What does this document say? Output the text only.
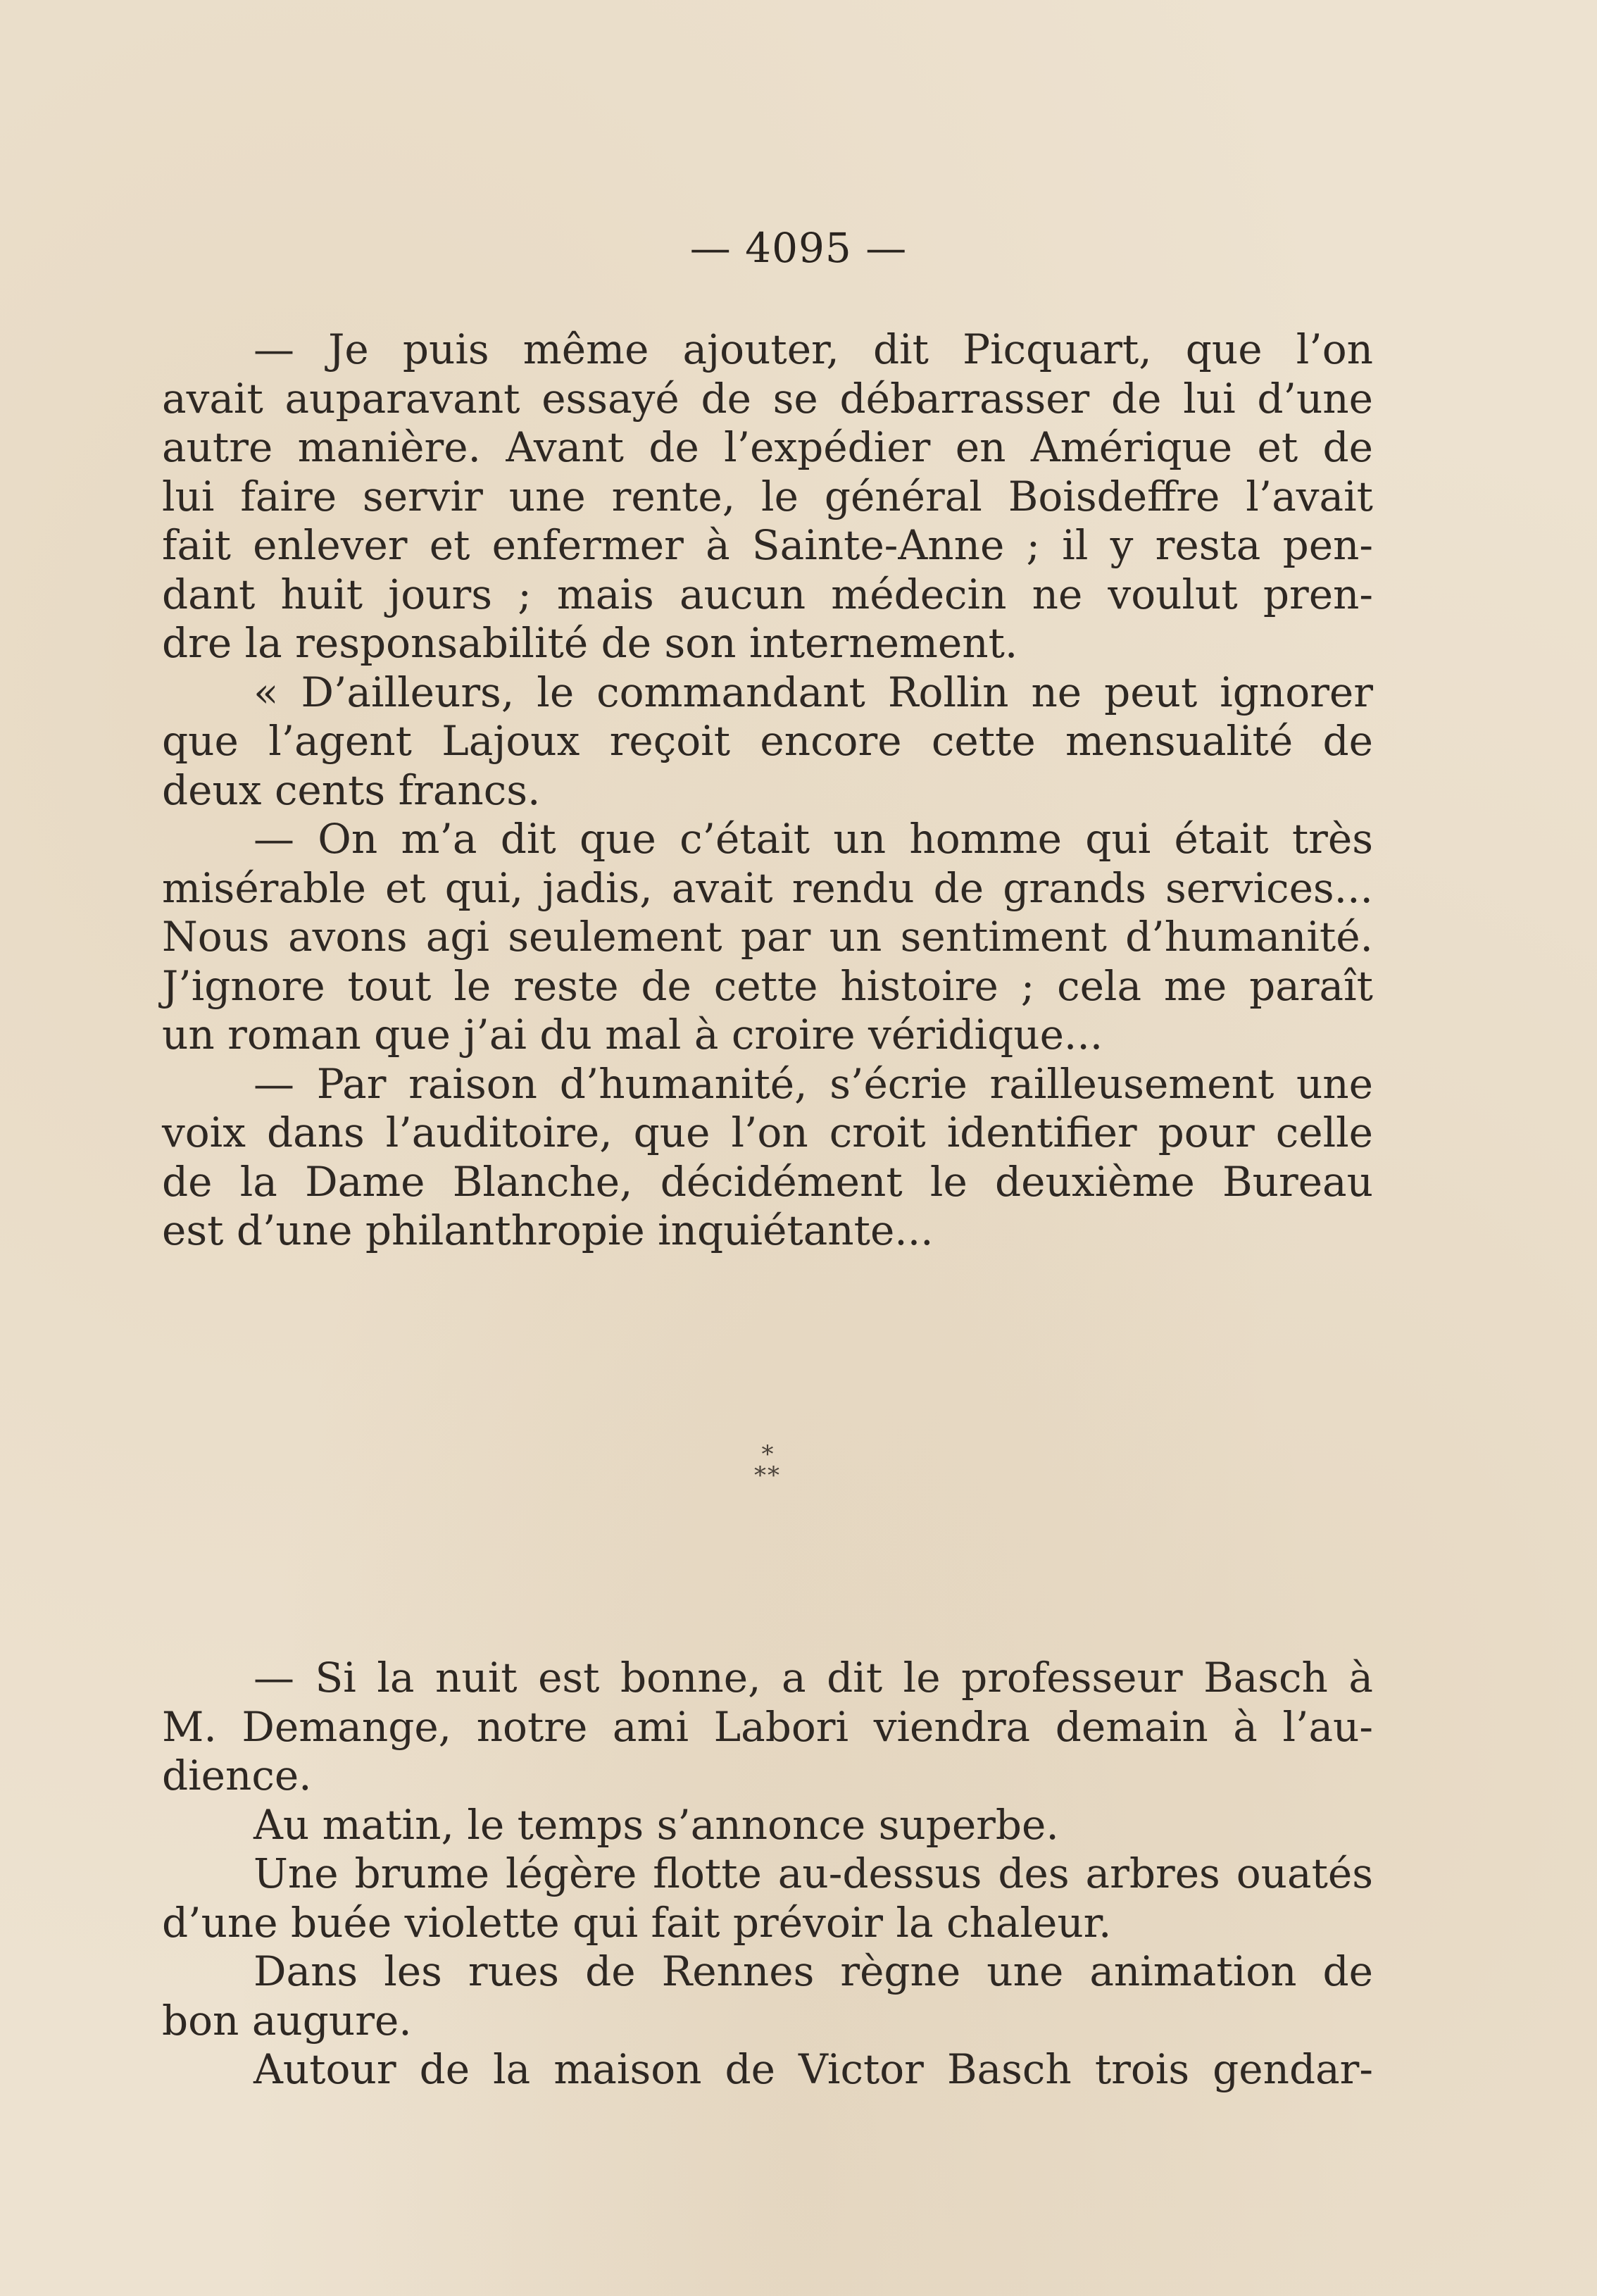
— 4095 —
— Je puis même ajouter, dit Picquart, que l’on
avait auparavant essayé de se débarrasser de lui d’une
autre manière. Avant de l’expédier en Amérique et de
lui faire servir une rente, le général Boisdeffre l’avait
fait enlever et enfermer à Sainte-Anne ; il y resta pen-
dant huit jours ; mais aucun médecin ne voulut pren-
dre la responsabilité de son internement.
« D’ailleurs, le commandant Rollin ne peut ignorer
que l’agent Lajoux reçoit encore cette mensualité de
deux cents francs.
— On m’a dit que c’était un homme qui était très
misérable et qui, jadis, avait rendu de grands services...
Nous avons agi seulement par un sentiment d’humanité.
J’ignore tout le reste de cette histoire ; cela me paraît
un roman que j’ai du mal à croire véridique...
— Par raison d’humanité, s’écrie railleusement une
voix dans l’auditoire, que l’on croit identifier pour celle
de la Dame Blanche, décidément le deuxième Bureau
est d’une philanthropie inquiétante...
*
**
— Si la nuit est bonne, a dit le professeur Basch à
M. Demange, notre ami Labori viendra demain à l’au-
dience.
Au matin, le temps s’annonce superbe.
Une brume légère flotte au-dessus des arbres ouatés
d’une buée violette qui fait prévoir la chaleur.
Dans les rues de Rennes règne une animation de
bon augure.
Autour de la maison de Victor Basch trois gendar-
